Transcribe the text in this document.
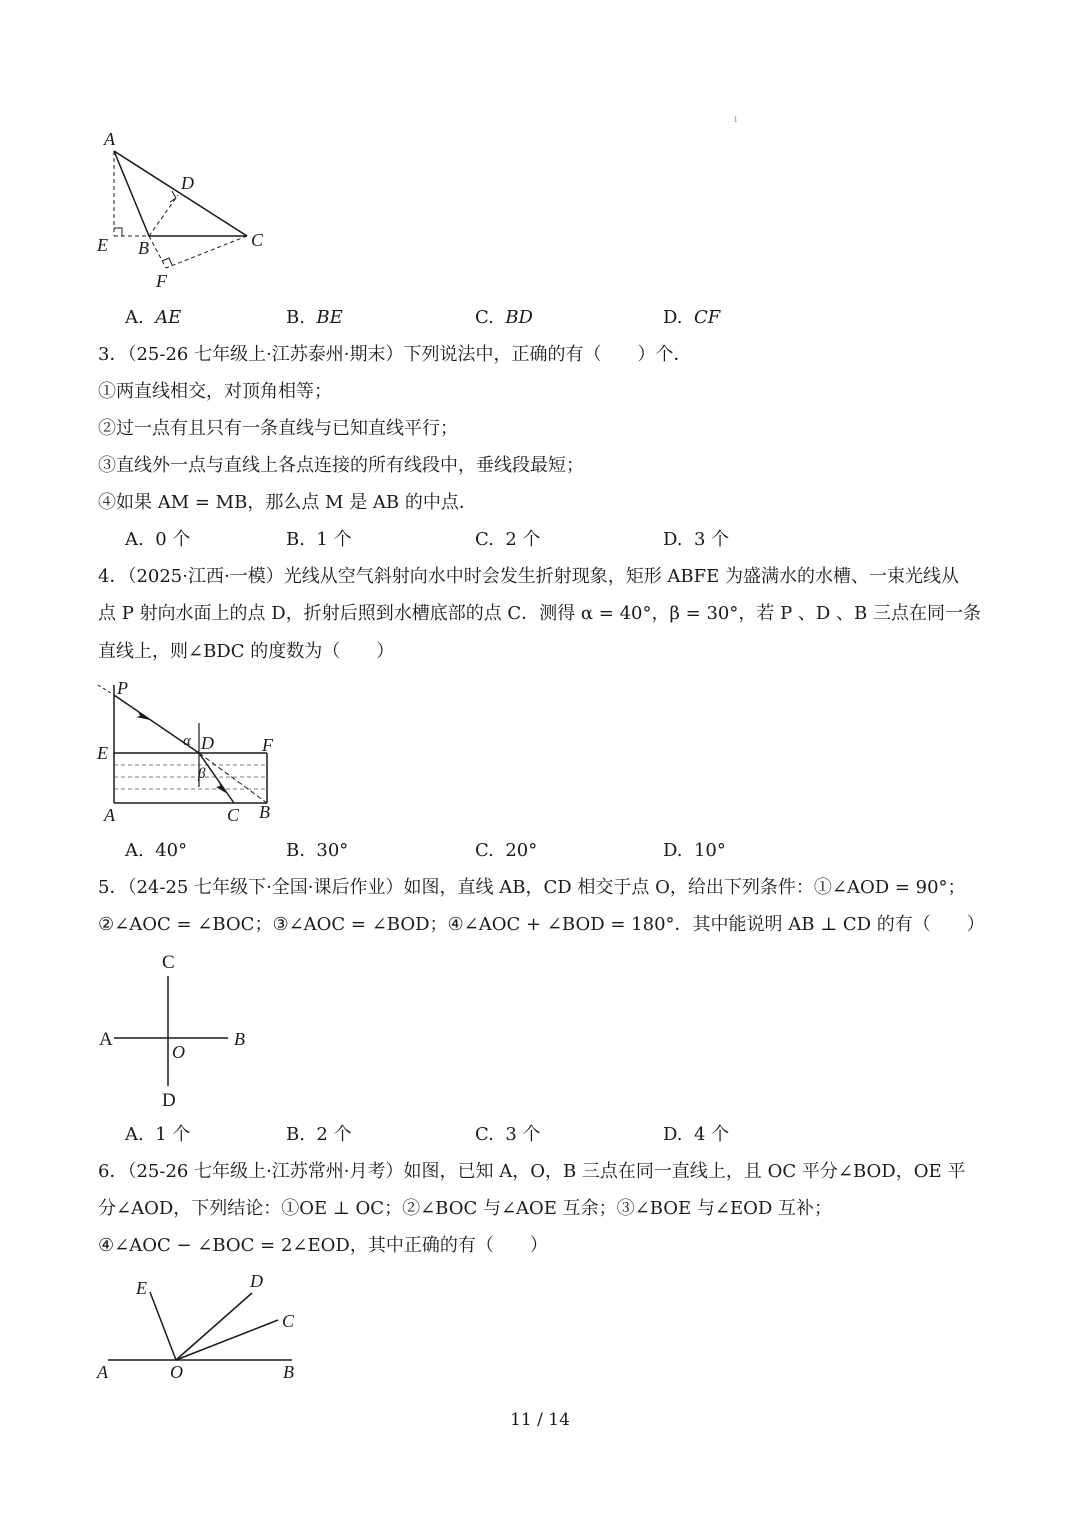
ı
A
D
E B	C
F
A. AE	B. BE	C. BD	D. CF
3．（25-26 七年级上·江苏泰州·期末）下列说法中，正确的有（　　）个．
①两直线相交，对顶角相等；
②过一点有且只有一条直线与已知直线平行；
③直线外一点与直线上各点连接的所有线段中，垂线段最短；
④如果 AM = MB，那么点 M 是 AB 的中点．
A. 0 个	B. 1 个	C. 2 个	D. 3 个
4．（2025·江西·一模）光线从空气斜射向水中时会发生折射现象，矩形 ABFE 为盛满水的水槽、一束光线从
点 P 射向水面上的点 D，折射后照到水槽底部的点 C．测得 α = 40°，β = 30°，若 P 、D 、B 三点在同一条
直线上，则∠BDC 的度数为（　　）
P
α D	F
E
β
A	C B
A. 40°	B. 30°	C. 20°	D. 10°
5．（24-25 七年级下·全国·课后作业）如图，直线 AB，CD 相交于点 O，给出下列条件：①∠AOD = 90°；
②∠AOC = ∠BOC；③∠AOC = ∠BOD；④∠AOC + ∠BOD = 180°．其中能说明 AB ⊥ CD 的有（　　）
C
A
O
B
D
A. 1 个	B. 2 个	C. 3 个	D. 4 个
6．（25-26 七年级上·江苏常州·月考）如图，已知 A，O，B 三点在同一直线上，且 OC 平分∠BOD，OE 平
分∠AOD，下列结论：①OE ⊥ OC；②∠BOC 与∠AOE 互余；③∠BOE 与∠EOD 互补；
④∠AOC − ∠BOC = 2∠EOD，其中正确的有（　　）
E	D
C
A	O	B
11 / 14
